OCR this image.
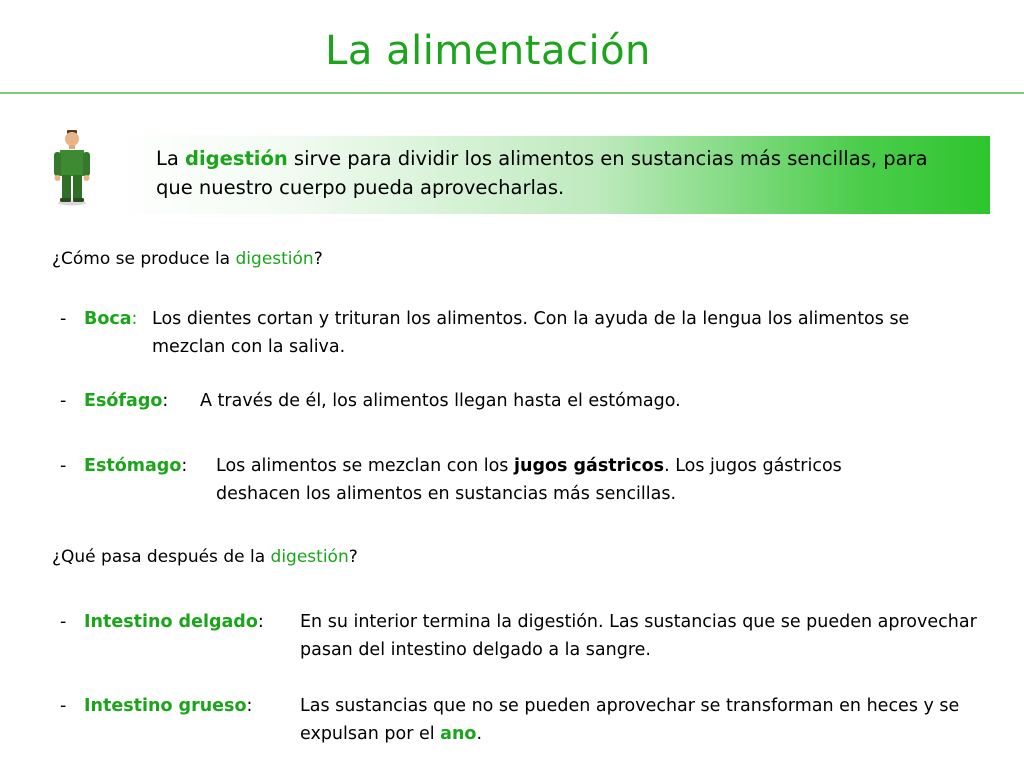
La alimentación
La digestión sirve para dividir los alimentos en sustancias más sencillas, para que nuestro cuerpo pueda aprovecharlas.
¿Cómo se produce la digestión?
- Boca: Los dientes cortan y trituran los alimentos. Con la ayuda de la lengua los alimentos se mezclan con la saliva.
- Esófago: A través de él, los alimentos llegan hasta el estómago.
- Estómago: Los alimentos se mezclan con los jugos gástricos. Los jugos gástricos deshacen los alimentos en sustancias más sencillas.
¿Qué pasa después de la digestión?
- Intestino delgado: En su interior termina la digestión. Las sustancias que se pueden aprovechar pasan del intestino delgado a la sangre.
- Intestino grueso:	Las sustancias que no se pueden aprovechar se transforman en heces y se expulsan por el ano.
